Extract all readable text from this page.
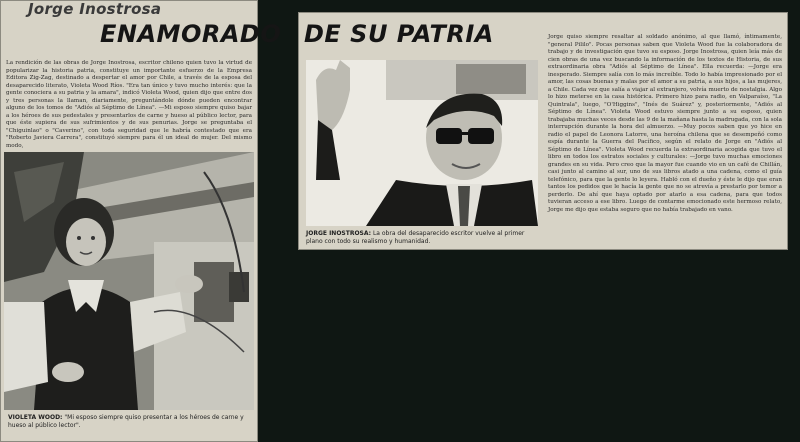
Jorge Inostrosa
ENAMORADO
La rendición de las obras de Jorge Inostrosa, escritor chileno quien tuvo la virtud de popularizar la historia patria, constituye un importante esfuerzo de la Empresa Editora Zig-Zag, destinado a despertar el amor por Chile, a través de la esposa del desaparecido literato, Violeta Wood Ríos. "Era tan único y tuvo mucho interés: que la gente conociera a su patria y la amara", indicó Violeta Wood, quien dijo que entre dos y tres personas la llaman, diariamente, preguntándole dónde pueden encontrar alguno de los tomos de "Adiós al Séptimo de Línea". —Mi esposo siempre quiso bajar a los héroes de sus pedestales y presentarlos de carne y hueso al público lector, para que éste supiera de sus sufrimientos y de sus penurias. Jorge se preguntaba el "Chiguinlao" o "Caverino", con toda seguridad que le habría contestado que era "Roberto Javiera Carrera", constituyó siempre para él un ideal de mujer. Del mismo modo,
VIOLETA WOOD: "Mi esposo siempre quiso presentar a los héroes de carne y hueso al público lector".
DE SU PATRIA
JORGE INOSTROSA: La obra del desaparecido escritor vuelve al primer plano con todo su realismo y humanidad.
Jorge quiso siempre resaltar al soldado anónimo, al que llamó, íntimamente, "general Pililo". Pocas personas saben que Violeta Wood fue la colaboradora de trabajo y de investigación que tuvo su esposo. Jorge Inostrosa, quien leía más de cien obras de una vez buscando la información de los textos de Historia, de sus extraordinaria obra "Adiós al Séptimo de Línea". Ella recuerda: —Jorge era inesperado. Siempre salía con lo más increíble. Todo lo había impresionado por el amor, las cosas buenas y malas por el amor a su patria, a sus hijos, a las mujeres, a Chile. Cada vez que salía a viajar al extranjero, volvía muerto de nostalgia. Algo lo hizo meterse en la casa histórica. Primero hizo para radio, en Valparaíso, "La Quintrala", luego, "O'Higgins", "Inés de Suárez" y, posteriormente, "Adiós al Séptimo de Línea". Violeta Wood estuvo siempre junto a su esposo, quien trabajaba muchas veces desde las 9 de la mañana hasta la madrugada, con la sola interrupción durante la hora del almuerzo. —Muy pocos saben que yo hice en radio el papel de Leonora Latorre, una heroína chilena que se desempeñó como espía durante la Guerra del Pacífico, según el relato de Jorge en "Adiós al Séptimo de Línea". Violeta Wood recuerda la extraordinaria acogida que tuvo el libro en todos los estratos sociales y culturales: —Jorge tuvo muchas emociones grandes en su vida. Pero creo que la mayor fue cuando vio en un café de Chillán, casi junto al camino al sur, uno de sus libros atado a una cadena, como el guía telefónico, para que la gente lo leyera. Habló con el dueño y éste le dijo que eran tantos los pedidos que le hacía la gente que no se atrevía a prestarlo por temor a perderlo. De ahí que haya optado por atarlo a esa cadena, para que todos tuvieran acceso a ese libro. Luego de contarme emocionado este hermoso relato, Jorge me dijo que estaba seguro que no había trabajado en vano.
